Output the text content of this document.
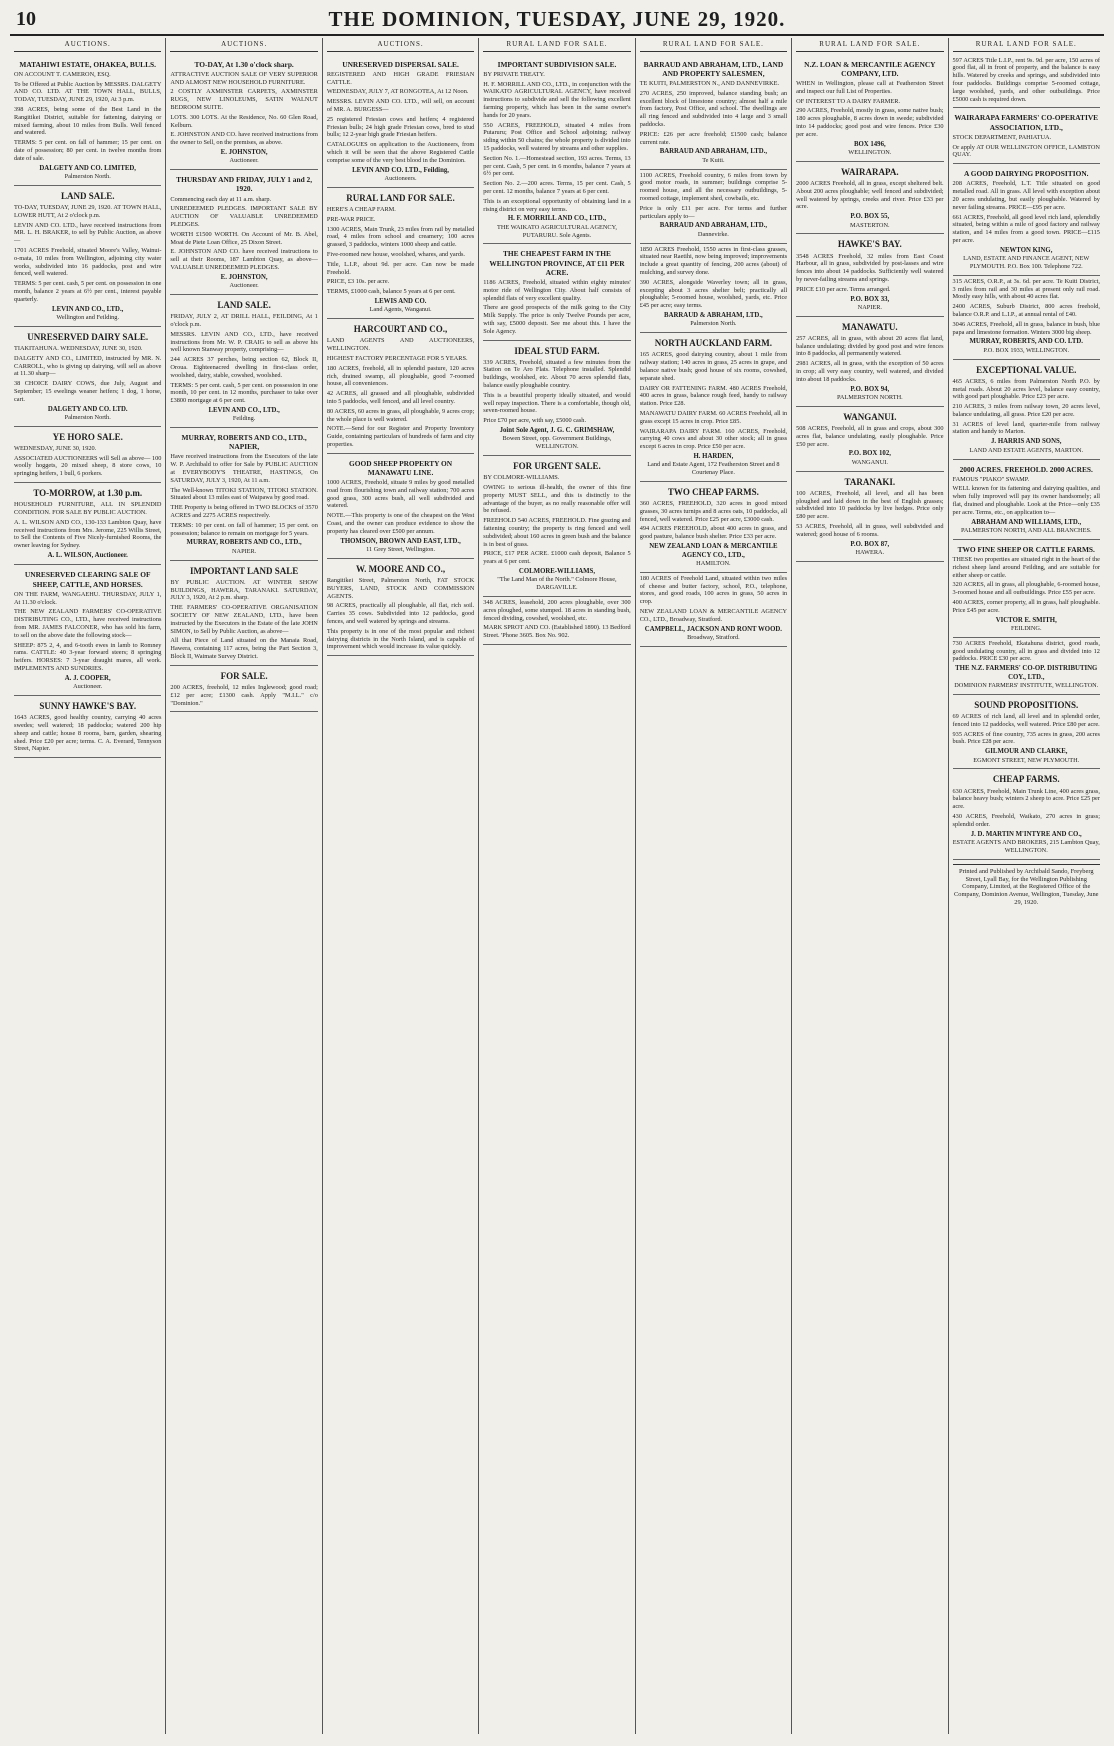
10	THE DOMINION, TUESDAY, JUNE 29, 1920.
AUCTIONS.
MATAHIWI ESTATE, OHAKEA, BULLS.

ON ACCOUNT T. CAMERON, ESQ.

To be Offered at Public Auction by MESSRS. DALGETY AND CO. LTD. AT THE TOWN HALL, BULLS, TODAY, TUESDAY, JUNE 29, 1920, At 3 p.m.

398 ACRES, being some of the Best Land in the Rangitikei District, suitable for fattening, dairying or mixed farming, about 10 miles from Bulls. Well fenced and watered.

TERMS: 5 per cent. on fall of hammer; 15 per cent. on date of possession; 80 per cent. in twelve months from date of sale.

DALGETY AND CO. LIMITED,
Palmerston North.
LAND SALE.

TO-DAY, TUESDAY, JUNE 29, 1920. AT TOWN HALL, LOWER HUTT, At 2 o'clock p.m.

LEVIN AND CO. LTD., have received instructions from MR. L. H. BRAKER, to sell by Public Auction, as above—

1701 ACRES Freehold, situated Moore's Valley, Wainui-o-mata, 10 miles from Wellington, adjoining city water works, subdivided into 16 paddocks, post and wire fenced, well watered.

TERMS: 5 per cent. cash, 5 per cent. on possession in one month, balance 2 years at 6½ per cent., interest payable quarterly.

LEVIN AND CO., LTD.,
Wellington and Feilding.
UNRESERVED DAIRY SALE.

TIAKITAHUNA. WEDNESDAY, JUNE 30, 1920.

DALGETY AND CO., LIMITED, instructed by MR. N. CARROLL, who is giving up dairying, will sell as above at 11.30 sharp—

38 CHOICE DAIRY COWS, due July, August and September; 15 ewelings weaner heifers; 1 dog, 1 horse, cart.

DALGETY AND CO. LTD.
Palmerston North.
YE HORO SALE.

WEDNESDAY, JUNE 30, 1920.

ASSOCIATED AUCTIONEERS will Sell as above— 100 woolly hoggets, 20 mixed sheep, 8 store cows, 10 springing heifers, 1 bull, 6 porkers.

TO-MORROW, at 1.30 p.m.

HOUSEHOLD FURNITURE, ALL IN SPLENDID CONDITION. FOR SALE BY PUBLIC AUCTION.

A. L. WILSON AND CO., 130-133 Lambton Quay, have received instructions from Mrs. Jerome, 225 Willis Street, to Sell the Contents of Five Nicely-furnished Rooms, the owner leaving for Sydney.

A. L. WILSON, Auctioneer.
UNRESERVED CLEARING SALE OF SHEEP, CATTLE, AND HORSES.

ON THE FARM, WANGAEHU. THURSDAY, JULY 1, At 11.30 o'clock.

THE NEW ZEALAND FARMERS' CO-OPERATIVE DISTRIBUTING CO., LTD., have received instructions from MR. JAMES FALCONER, who has sold his farm, to sell on the above date the following stock—

SHEEP: 875 2, 4, and 6-tooth ewes in lamb to Romney rams. CATTLE: 40 3-year forward steers; 8 springing heifers. HORSES: 7 3-year draught mares, all work. IMPLEMENTS AND SUNDRIES.

A. J. COOPER,
Auctioneer.
SUNNY HAWKE'S BAY.

1643 ACRES, good healthy country, carrying 40 acres swedes; well watered; 18 paddocks; watered 200 hip sheep and cattle; house 8 rooms, barn, garden, shearing shed. Price £20 per acre; terms. C. A. Everard, Tennyson Street, Napier.

AUCTIONS.
TO-DAY, At 1.30 o'clock sharp.

ATTRACTIVE AUCTION SALE OF VERY SUPERIOR AND ALMOST NEW HOUSEHOLD FURNITURE.

2 COSTLY AXMINSTER CARPETS, AXMINSTER RUGS, NEW LINOLEUMS, SATIN WALNUT BEDROOM SUITE.

LOTS. 300 LOTS. At the Residence, No. 60 Glen Road, Kelburn.

E. JOHNSTON AND CO. have received instructions from the owner to Sell, on the premises, as above.

E. JOHNSTON,
Auctioneer.
THURSDAY AND FRIDAY, JULY 1 and 2, 1920.

Commencing each day at 11 a.m. sharp.

UNREDEEMED PLEDGES. IMPORTANT SALE BY AUCTION OF VALUABLE UNREDEEMED PLEDGES.

WORTH £1500 WORTH. On Account of Mr. B. Abel, Moat de Piete Loan Office, 25 Dixon Street.

E. JOHNSTON AND CO. have received instructions to sell at their Rooms, 187 Lambton Quay, as above— VALUABLE UNREDEEMED PLEDGES.

E. JOHNSTON,
Auctioneer.
LAND SALE.

FRIDAY, JULY 2, AT DRILL HALL, FEILDING, At 1 o'clock p.m.

MESSRS. LEVIN AND CO., LTD., have received instructions from Mr. W. P. CRAIG to sell as above his well known Stanway property, comprising—

244 ACRES 37 perches, being section 62, Block II, Oroua. Eighteenacred dwelling in first-class order, woolshed, dairy, stable, cowshed, woolshed.

TERMS: 5 per cent. cash, 5 per cent. on possession in one month, 10 per cent. in 12 months, purchaser to take over £3800 mortgage at 6 per cent.

LEVIN AND CO., LTD.,
Feilding.
MURRAY, ROBERTS AND CO., LTD., NAPIER,

Have received instructions from the Executors of the late W. P. Archibald to offer for Sale by PUBLIC AUCTION at EVERYBODY'S THEATRE, HASTINGS, On SATURDAY, JULY 3, 1920, At 11 a.m.

The Well-known TITOKI STATION, TITOKI STATION. Situated about 13 miles east of Waipawa by good road.

THE Property is being offered in TWO BLOCKS of 3570 ACRES and 2275 ACRES respectively.

TERMS: 10 per cent. on fall of hammer; 15 per cent. on possession; balance to remain on mortgage for 5 years.

MURRAY, ROBERTS AND CO., LTD.,
NAPIER.
IMPORTANT LAND SALE

BY PUBLIC AUCTION. AT WINTER SHOW BUILDINGS, HAWERA, TARANAKI. SATURDAY, JULY 3, 1920, At 2 p.m. sharp.

THE FARMERS' CO-OPERATIVE ORGANISATION SOCIETY OF NEW ZEALAND, LTD., have been instructed by the Executors in the Estate of the late JOHN SIMON, to Sell by Public Auction, as above—

All that Piece of Land situated on the Manaia Road, Hawera, containing 117 acres, being the Part Section 3, Block II, Waimate Survey District.

FOR SALE.

200 ACRES, freehold, 12 miles Inglewood; good road; £12 per acre; £1300 cash. Apply "M.I.L." c/o "Dominion."

AUCTIONS.
UNRESERVED DISPERSAL SALE.

REGISTERED AND HIGH GRADE FRIESIAN CATTLE.

WEDNESDAY, JULY 7, AT RONGOTEA, At 12 Noon.

MESSRS. LEVIN AND CO. LTD., will sell, on account of MR. A. BURGESS—

25 registered Friesian cows and heifers; 4 registered Friesian bulls; 24 high grade Friesian cows, bred to stud bulls; 12 2-year high grade Friesian heifers.

CATALOGUES on application to the Auctioneers, from which it will be seen that the above Registered Cattle comprise some of the very best blood in the Dominion.

LEVIN AND CO. LTD., Feilding,
Auctioneers.
RURAL LAND FOR SALE.

HERE'S A CHEAP FARM.

PRE-WAR PRICE.

1300 ACRES, Main Trunk, 23 miles from rail by metalled road, 4 miles from school and creamery; 100 acres grassed, 3 paddocks, winters 1000 sheep and cattle.

Five-roomed new house, woolshed, whares, and yards.

Title, L.I.P., about 9d. per acre. Can now be made Freehold.

PRICE, £3 10s. per acre.

TERMS, £1000 cash, balance 5 years at 6 per cent.

LEWIS AND CO.
Land Agents, Wanganui.
HARCOURT AND CO.,

LAND AGENTS AND AUCTIONEERS, WELLINGTON.

HIGHEST FACTORY PERCENTAGE FOR 5 YEARS.

180 ACRES, freehold, all in splendid pasture, 120 acres rich, drained swamp, all ploughable, good 7-roomed house, all conveniences.

42 ACRES, all grassed and all ploughable, subdivided into 5 paddocks, well fenced, and all level country.

80 ACRES, 60 acres in grass, all ploughable, 9 acres crop; the whole place is well watered.

NOTE.—Send for our Register and Property Inventory Guide, containing particulars of hundreds of farm and city properties.

GOOD SHEEP PROPERTY ON MANAWATU LINE.

1000 ACRES, Freehold, situate 9 miles by good metalled road from flourishing town and railway station; 700 acres good grass, 300 acres bush, all well subdivided and watered.

NOTE.—This property is one of the cheapest on the West Coast, and the owner can produce evidence to show the property has cleared over £500 per annum.

THOMSON, BROWN AND EAST, LTD.,
11 Grey Street, Wellington.
W. MOORE AND CO.,

Rangitikei Street, Palmerston North, FAT STOCK BUYERS, LAND, STOCK AND COMMISSION AGENTS.

98 ACRES, practically all ploughable, all flat, rich soil. Carries 35 cows. Subdivided into 12 paddocks, good fences, and well watered by springs and streams.

This property is in one of the most popular and richest dairying districts in the North Island, and is capable of improvement which would increase its value quickly.

RURAL LAND FOR SALE.
IMPORTANT SUBDIVISION SALE.

BY PRIVATE TREATY.

H. F. MORRILL AND CO., LTD., in conjunction with the WAIKATO AGRICULTURAL AGENCY, have received instructions to subdivide and sell the following excellent farming property, which has been in the same owner's hands for 20 years.

550 ACRES, FREEHOLD, situated 4 miles from Putaruru; Post Office and School adjoining; railway siding within 50 chains; the whole property is divided into 15 paddocks, well watered by streams and other supplies.

Section No. 1.—Homestead section, 193 acres. Terms, 13 per cent. Cash, 5 per cent. in 6 months, balance 7 years at 6½ per cent.

Section No. 2.—200 acres. Terms, 15 per cent. Cash, 5 per cent. 12 months, balance 7 years at 6 per cent.

This is an exceptional opportunity of obtaining land in a rising district on very easy terms.

H. F. MORRILL AND CO., LTD.,
THE WAIKATO AGRICULTURAL AGENCY, PUTARURU. Sole Agents.
THE CHEAPEST FARM IN THE WELLINGTON PROVINCE, AT £11 PER ACRE.

1186 ACRES, Freehold, situated within eighty minutes' motor ride of Wellington City. About half consists of splendid flats of very excellent quality.

There are good prospects of the milk going to the City Milk Supply. The price is only Twelve Pounds per acre, with say, £5000 deposit. See me about this. I have the Sole Agency.

IDEAL STUD FARM.

339 ACRES, Freehold, situated a few minutes from the Station on Te Aro Flats. Telephone installed. Splendid buildings, woolshed, etc. About 70 acres splendid flats, balance easily ploughable country.

This is a beautiful property ideally situated, and would well repay inspection. There is a comfortable, though old, seven-roomed house.

Price £70 per acre, with say, £5000 cash.

Joint Sole Agent, J. G. C. GRIMSHAW,
Bowen Street, opp. Government Buildings, WELLINGTON.
FOR URGENT SALE.

BY COLMORE-WILLIAMS.

OWING to serious ill-health, the owner of this fine property MUST SELL, and this is distinctly to the advantage of the buyer, as no really reasonable offer will be refused.

FREEHOLD 540 ACRES, FREEHOLD. Fine grazing and fattening country; the property is ring fenced and well subdivided; about 160 acres in green bush and the balance is in best of grass.

PRICE, £17 PER ACRE. £1000 cash deposit, Balance 5 years at 6 per cent.

COLMORE-WILLIAMS,
"The Land Man of the North." Colmore House, DARGAVILLE.

348 ACRES, leasehold, 200 acres ploughable, over 300 acres ploughed, some stumped. 18 acres in standing bush, fenced dividing, cowshed, woolshed, etc.

MARK SPROT AND CO. (Established 1890). 13 Bedford Street. 'Phone 3605. Box No. 902.

RURAL LAND FOR SALE.
BARRAUD AND ABRAHAM, LTD., LAND AND PROPERTY SALESMEN,

TE KUITI, PALMERSTON N., AND DANNEVIRKE.

270 ACRES, 250 improved, balance standing bush; an excellent block of limestone country; almost half a mile from factory, Post Office, and school. The dwellings are all ring fenced and subdivided into 4 large and 3 small paddocks.

PRICE: £26 per acre freehold; £1500 cash; balance current rate.

BARRAUD AND ABRAHAM, LTD.,
Te Kuiti.

1100 ACRES, Freehold country, 6 miles from town by good motor roads, in summer; buildings comprise 5-roomed house, and all the necessary outbuildings, 5-roomed cottage, implement shed, cowbails, etc.

Price is only £11 per acre. For terms and further particulars apply to—

BARRAUD AND ABRAHAM, LTD.,
Dannevirke.

1850 ACRES Freehold, 1550 acres in first-class grasses, situated near Raetihi, now being improved; improvements include a great quantity of fencing, 200 acres (about) of mulching, and survey done.

390 ACRES, alongside Waverley town; all in grass, excepting about 3 acres shelter belt; practically all ploughable; 5-roomed house, woolshed, yards, etc. Price £45 per acre; easy terms.

BARRAUD & ABRAHAM, LTD.,
Palmerston North.
NORTH AUCKLAND FARM.

165 ACRES, good dairying country, about 1 mile from railway station; 140 acres in grass, 25 acres in grape, and balance native bush; good house of six rooms, cowshed, separate shed.

DAIRY OR FATTENING FARM. 480 ACRES Freehold, 400 acres in grass, balance rough feed, handy to railway station. Price £28.

MANAWATU DAIRY FARM. 60 ACRES Freehold, all in grass except 15 acres in crop. Price £85.

WAIRARAPA DAIRY FARM. 160 ACRES, Freehold, carrying 40 cows and about 30 other stock; all in grass except 6 acres in crop. Price £50 per acre.

H. HARDEN,
Land and Estate Agent, 172 Featherston Street and 8 Courtenay Place.
TWO CHEAP FARMS.

360 ACRES, FREEHOLD, 320 acres in good mixed grasses, 30 acres turnips and 8 acres oats, 10 paddocks, all fenced, well watered. Price £25 per acre, £3000 cash.

494 ACRES FREEHOLD, about 400 acres in grass, and good pasture, balance bush shelter. Price £33 per acre.

NEW ZEALAND LOAN & MERCANTILE AGENCY CO., LTD.,
HAMILTON.

180 ACRES of Freehold Land, situated within two miles of cheese and butter factory, school, P.O., telephone, stores, and good roads, 100 acres in grass, 50 acres in crop.

NEW ZEALAND LOAN & MERCANTILE AGENCY CO., LTD., Broadway, Stratford.

CAMPBELL, JACKSON AND RONT WOOD.
Broadway, Stratford.
RURAL LAND FOR SALE.
N.Z. LOAN & MERCANTILE AGENCY COMPANY, LTD.

WHEN in Wellington, please call at Featherston Street and inspect our full List of Properties.

OF INTEREST TO A DAIRY FARMER.

290 ACRES, Freehold, mostly in grass, some native bush; 180 acres ploughable, 8 acres down in swede; subdivided into 14 paddocks; good post and wire fences. Price £30 per acre.

BOX 1496,
WELLINGTON.
WAIRARAPA.

2000 ACRES Freehold, all in grass, except sheltered belt. About 200 acres ploughable; well fenced and subdivided; well watered by springs, creeks and river. Price £33 per acre.

P.O. BOX 55,
MASTERTON.
HAWKE'S BAY.

3548 ACRES Freehold, 32 miles from East Coast Harbour, all in grass, subdivided by post-lasses and wire fences into about 14 paddocks. Sufficiently well watered by never-failing streams and springs.

PRICE £10 per acre. Terms arranged.

P.O. BOX 33,
NAPIER.
MANAWATU.

257 ACRES, all in grass, with about 20 acres flat land, balance undulating; divided by good post and wire fences into 8 paddocks, all permanently watered.

2981 ACRES, all in grass, with the exception of 50 acres in crop; all very easy country, well watered, and divided into about 18 paddocks.

P.O. BOX 94,
PALMERSTON NORTH.
WANGANUI.

508 ACRES, Freehold, all in grass and crops, about 300 acres flat, balance undulating, easily ploughable. Price £50 per acre.

P.O. BOX 102,
WANGANUI.
TARANAKI.

100 ACRES, Freehold, all level, and all has been ploughed and laid down in the best of English grasses; subdivided into 10 paddocks by live hedges. Price only £80 per acre.

53 ACRES, Freehold, all in grass, well subdivided and watered; good house of 6 rooms.

P.O. BOX 87,
HAWERA.
RURAL LAND FOR SALE.

597 ACRES Title L.I.P., rent 9s. 9d. per acre, 150 acres of good flat, all in front of property, and the balance is easy hills. Watered by creeks and springs, and subdivided into four paddocks. Buildings comprise 5-roomed cottage, large woolshed, yards, and other outbuildings. Price £5000 cash is required down.

WAIRARAPA FARMERS' CO-OPERATIVE ASSOCIATION, LTD.,

STOCK DEPARTMENT, PAHIATUA.

Or apply AT OUR WELLINGTON OFFICE, LAMBTON QUAY.

A GOOD DAIRYING PROPOSITION.

208 ACRES, Freehold, L.T. Title situated on good metalled road. All in grass. All level with exception about 20 acres undulating, but easily ploughable. Watered by never failing streams. PRICE—£95 per acre.

661 ACRES, Freehold, all good level rich land, splendidly situated, being within a mile of good factory and railway station, and 14 miles from a good town. PRICE—£115 per acre.

NEWTON KING,
LAND, ESTATE AND FINANCE AGENT, NEW PLYMOUTH. P.O. Box 100. Telephone 722.

315 ACRES, O.R.P., at 3s. 6d. per acre. Te Kuiti District, 3 miles from rail and 30 miles at present only rail road. Mostly easy hills, with about 40 acres flat.

2400 ACRES, Suburb District, 800 acres freehold, balance O.R.P. and L.I.P., at annual rental of £40.

3046 ACRES, Freehold, all in grass, balance in bush, blue papa and limestone formation. Winters 3000 big sheep.

MURRAY, ROBERTS, AND CO. LTD.
P.O. BOX 1933, WELLINGTON.
EXCEPTIONAL VALUE.

465 ACRES, 6 miles from Palmerston North P.O. by metal roads. About 20 acres level, balance easy country, with good part ploughable. Price £23 per acre.

210 ACRES, 3 miles from railway town, 20 acres level, balance undulating, all grass. Price £20 per acre.

31 ACRES of level land, quarter-mile from railway station and handy to Marton.

J. HARRIS AND SONS,
LAND AND ESTATE AGENTS, MARTON.
2000 ACRES. FREEHOLD. 2000 ACRES.

FAMOUS "PIAKO" SWAMP.

WELL known for its fattening and dairying qualities, and when fully improved will pay its owner handsomely; all flat, drained and ploughable. Look at the Price—only £35 per acre. Terms, etc., on application to—

ABRAHAM AND WILLIAMS, LTD.,
PALMERSTON NORTH, AND ALL BRANCHES.
TWO FINE SHEEP OR CATTLE FARMS.

THESE two properties are situated right in the heart of the richest sheep land around Feilding, and are suitable for either sheep or cattle.

320 ACRES, all in grass, all ploughable, 6-roomed house, 3-roomed house and all outbuildings. Price £55 per acre.

400 ACRES, corner property, all in grass, half ploughable. Price £45 per acre.

VICTOR E. SMITH,
FEILDING.

730 ACRES Freehold, Ekatahuna district, good roads, good undulating country, all in grass and divided into 12 paddocks. PRICE £30 per acre.

THE N.Z. FARMERS' CO-OP. DISTRIBUTING COY., LTD.,
DOMINION FARMERS' INSTITUTE, WELLINGTON.
SOUND PROPOSITIONS.

69 ACRES of rich land, all level and in splendid order, fenced into 12 paddocks, well watered. Price £80 per acre.

935 ACRES of fine country, 735 acres in grass, 200 acres bush. Price £28 per acre.

GILMOUR AND CLARKE,
EGMONT STREET, NEW PLYMOUTH.
CHEAP FARMS.

630 ACRES, Freehold, Main Trunk Line, 400 acres grass, balance heavy bush; winters 2 sheep to acre. Price £25 per acre.

430 ACRES, Freehold, Waikato, 270 acres in grass; splendid order.

J. D. MARTIN M'INTYRE AND CO.,
ESTATE AGENTS AND BROKERS, 215 Lambton Quay, WELLINGTON.
Printed and Published by Archibald Sando, Freyberg Street, Lyall Bay, for the Wellington Publishing Company, Limited, at the Registered Office of the Company, Dominion Avenue, Wellington, Tuesday, June 29, 1920.
